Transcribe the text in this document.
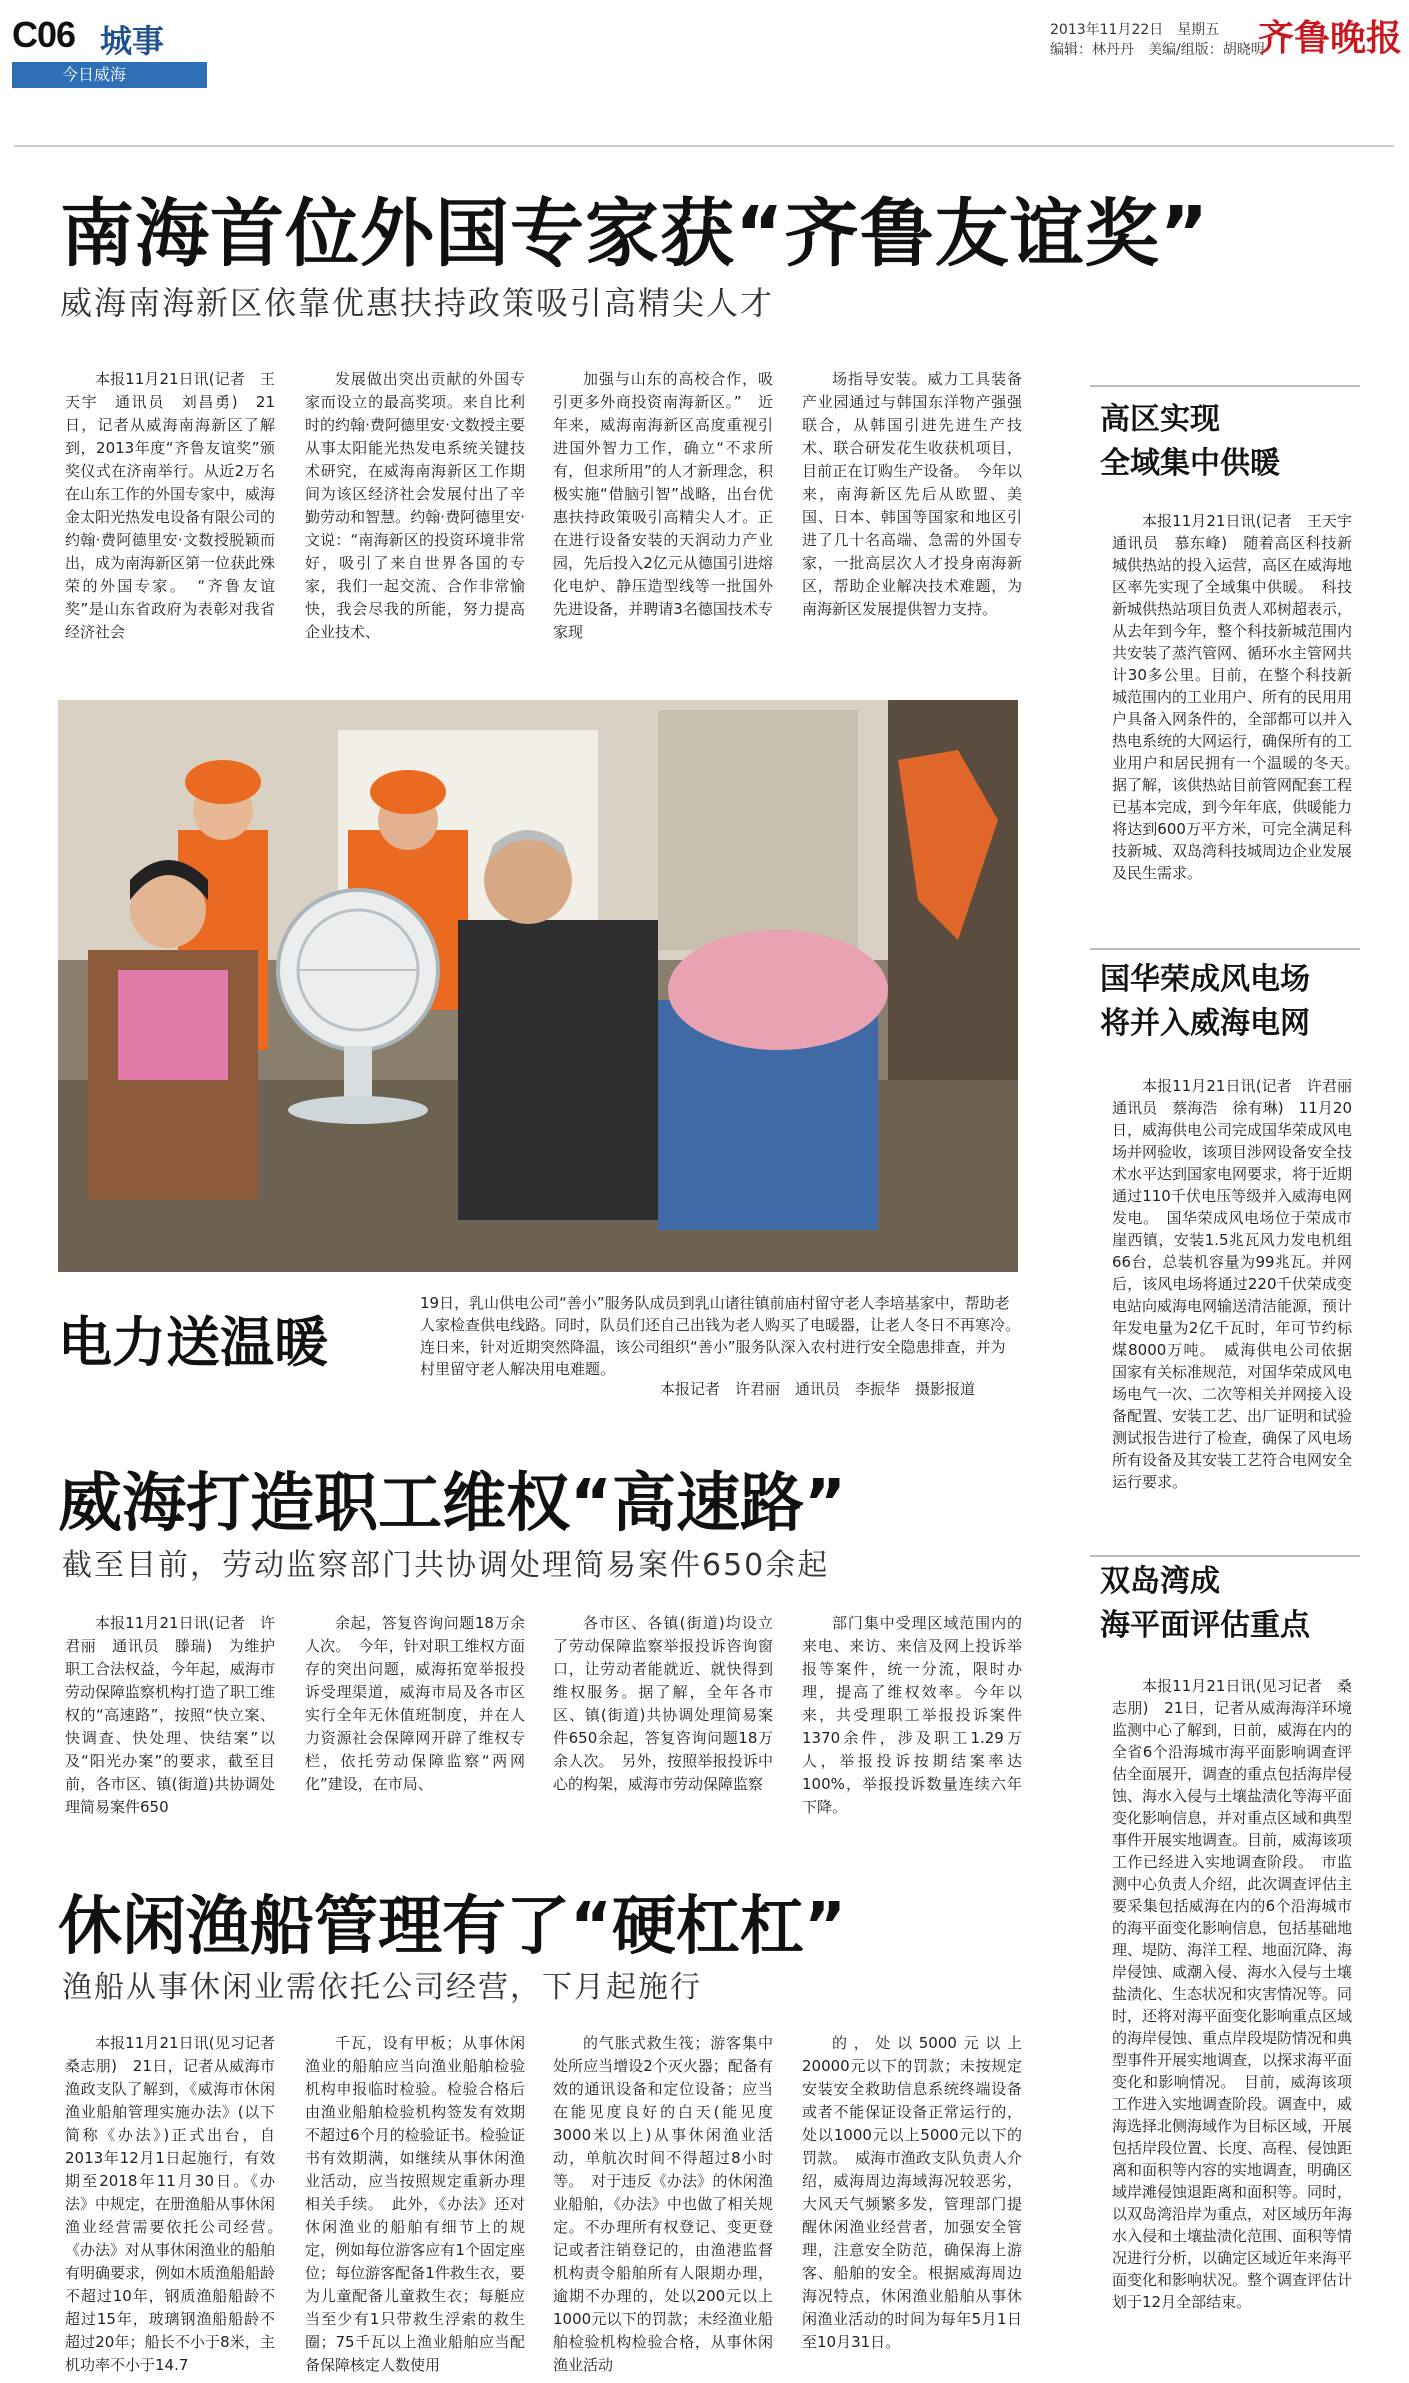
C06 城事
今日威海
2013年11月22日　星期五
编辑：林丹丹　美编/组版：胡晓明
齐鲁晚报
南海首位外国专家获“齐鲁友谊奖”
威海南海新区依靠优惠扶持政策吸引高精尖人才

本报11月21日讯(记者　王天宇　通讯员　刘昌勇)　21日，记者从威海南海新区了解到，2013年度“齐鲁友谊奖”颁奖仪式在济南举行。从近2万名在山东工作的外国专家中，威海金太阳光热发电设备有限公司的约翰·费阿德里安·文数授脱颖而出，成为南海新区第一位获此殊荣的外国专家。　“齐鲁友谊奖”是山东省政府为表彰对我省经济社会

发展做出突出贡献的外国专家而设立的最高奖项。来自比利时的约翰·费阿德里安·文数授主要从事太阳能光热发电系统关键技术研究，在威海南海新区工作期间为该区经济社会发展付出了辛勤劳动和智慧。约翰·费阿德里安·文说：“南海新区的投资环境非常好，吸引了来自世界各国的专家，我们一起交流、合作非常愉快，我会尽我的所能，努力提高企业技术、

加强与山东的高校合作，吸引更多外商投资南海新区。”　近年来，威海南海新区高度重视引进国外智力工作，确立“不求所有，但求所用”的人才新理念，积极实施“借脑引智”战略，出台优惠扶持政策吸引高精尖人才。正在进行设备安装的天润动力产业园，先后投入2亿元从德国引进熔化电炉、静压造型线等一批国外先进设备，并聘请3名德国技术专家现

场指导安装。威力工具装备产业园通过与韩国东洋物产强强联合，从韩国引进先进生产技术、联合研发花生收获机项目，目前正在订购生产设备。　今年以来，南海新区先后从欧盟、美国、日本、韩国等国家和地区引进了几十名高端、急需的外国专家，一批高层次人才投身南海新区，帮助企业解决技术难题，为南海新区发展提供智力支持。

电力送温暖
19日，乳山供电公司“善小”服务队成员到乳山诸往镇前庙村留守老人李培基家中，帮助老人家检查供电线路。同时，队员们还自己出钱为老人购买了电暖器，让老人冬日不再寒冷。连日来，针对近期突然降温，该公司组织“善小”服务队深入农村进行安全隐患排查，并为村里留守老人解决用电难题。
本报记者　许君丽　通讯员　李振华　摄影报道
威海打造职工维权“高速路”
截至目前，劳动监察部门共协调处理简易案件650余起

本报11月21日讯(记者　许君丽　通讯员　滕瑞)　为维护职工合法权益，今年起，威海市劳动保障监察机构打造了职工维权的“高速路”，按照“快立案、快调查、快处理、快结案”以及“阳光办案”的要求，截至目前，各市区、镇(街道)共协调处理简易案件650

余起，答复咨询问题18万余人次。　今年，针对职工维权方面存的突出问题，威海拓宽举报投诉受理渠道，威海市局及各市区实行全年无休值班制度，并在人力资源社会保障网开辟了维权专栏，依托劳动保障监察“两网化”建设，在市局、

各市区、各镇(街道)均设立了劳动保障监察举报投诉咨询窗口，让劳动者能就近、就快得到维权服务。据了解，全年各市区、镇(街道)共协调处理简易案件650余起，答复咨询问题18万余人次。　另外，按照举报投诉中心的构架，威海市劳动保障监察

部门集中受理区域范围内的来电、来访、来信及网上投诉举报等案件，统一分流，限时办理，提高了维权效率。今年以来，共受理职工举报投诉案件1370余件，涉及职工1.29万人，举报投诉按期结案率达100%，举报投诉数量连续六年下降。

休闲渔船管理有了“硬杠杠”
渔船从事休闲业需依托公司经营，下月起施行

本报11月21日讯(见习记者　桑志朋)　21日，记者从威海市渔政支队了解到，《威海市休闲渔业船舶管理实施办法》(以下简称《办法》)正式出台，自2013年12月1日起施行，有效期至2018年11月30日。《办法》中规定，在册渔船从事休闲渔业经营需要依托公司经营。　《办法》对从事休闲渔业的船舶有明确要求，例如木质渔船船龄不超过10年，钢质渔船船龄不超过15年，玻璃钢渔船船龄不超过20年；船长不小于8米，主机功率不小于14.7

千瓦，设有甲板；从事休闲渔业的船舶应当向渔业船舶检验机构申报临时检验。检验合格后由渔业船舶检验机构签发有效期不超过6个月的检验证书。检验证书有效期满，如继续从事休闲渔业活动，应当按照规定重新办理相关手续。　此外，《办法》还对休闲渔业的船舶有细节上的规定，例如每位游客应有1个固定座位；每位游客配备1件救生衣，要为儿童配备儿童救生衣；每艇应当至少有1只带救生浮索的救生圈；75千瓦以上渔业船舶应当配备保障核定人数使用

的气胀式救生筏；游客集中处所应当增设2个灭火器；配备有效的通讯设备和定位设备；应当在能见度良好的白天(能见度3000米以上)从事休闲渔业活动，单航次时间不得超过8小时等。　对于违反《办法》的休闲渔业船舶，《办法》中也做了相关规定。不办理所有权登记、变更登记或者注销登记的，由渔港监督机构责令船舶所有人限期办理，逾期不办理的，处以200元以上1000元以下的罚款；未经渔业船舶检验机构检验合格，从事休闲渔业活动

的，处以5000元以上20000元以下的罚款；未按规定安装安全救助信息系统终端设备或者不能保证设备正常运行的，处以1000元以上5000元以下的罚款。　威海市渔政支队负责人介绍，威海周边海域海况较恶劣，大风天气频繁多发，管理部门提醒休闲渔业经营者，加强安全管理，注意安全防范，确保海上游客、船舶的安全。根据威海周边海况特点，休闲渔业船舶从事休闲渔业活动的时间为每年5月1日至10月31日。

高区实现
全域集中供暖

本报11月21日讯(记者　王天宇　通讯员　慕东峰)　随着高区科技新城供热站的投入运营，高区在威海地区率先实现了全域集中供暖。　科技新城供热站项目负责人邓树超表示，从去年到今年，整个科技新城范围内共安装了蒸汽管网、循环水主管网共计30多公里。目前，在整个科技新城范围内的工业用户、所有的民用用户具备入网条件的，全部都可以并入热电系统的大网运行，确保所有的工业用户和居民拥有一个温暖的冬天。　据了解，该供热站目前管网配套工程已基本完成，到今年年底，供暖能力将达到600万平方米，可完全满足科技新城、双岛湾科技城周边企业发展及民生需求。

国华荣成风电场
将并入威海电网

本报11月21日讯(记者　许君丽　通讯员　蔡海浩　徐有琳)　11月20日，威海供电公司完成国华荣成风电场并网验收，该项目涉网设备安全技术水平达到国家电网要求，将于近期通过110千伏电压等级并入威海电网发电。　国华荣成风电场位于荣成市崖西镇，安装1.5兆瓦风力发电机组66台，总装机容量为99兆瓦。并网后，该风电场将通过220千伏荣成变电站向威海电网输送清洁能源，预计年发电量为2亿千瓦时，年可节约标煤8000万吨。　威海供电公司依据国家有关标准规范，对国华荣成风电场电气一次、二次等相关并网接入设备配置、安装工艺、出厂证明和试验测试报告进行了检查，确保了风电场所有设备及其安装工艺符合电网安全运行要求。

双岛湾成
海平面评估重点

本报11月21日讯(见习记者　桑志朋)　21日，记者从威海海洋环境监测中心了解到，日前，威海在内的全省6个沿海城市海平面影响调查评估全面展开，调查的重点包括海岸侵蚀、海水入侵与土壤盐渍化等海平面变化影响信息，并对重点区域和典型事件开展实地调查。目前，威海该项工作已经进入实地调查阶段。　市监测中心负责人介绍，此次调查评估主要采集包括威海在内的6个沿海城市的海平面变化影响信息，包括基础地理、堤防、海洋工程、地面沉降、海岸侵蚀、咸潮入侵、海水入侵与土壤盐渍化、生态状况和灾害情况等。同时，还将对海平面变化影响重点区域的海岸侵蚀、重点岸段堤防情况和典型事件开展实地调查，以探求海平面变化和影响情况。　目前，威海该项工作进入实地调查阶段。调查中，威海选择北侧海域作为目标区域，开展包括岸段位置、长度、高程、侵蚀距离和面积等内容的实地调查，明确区域岸滩侵蚀退距离和面积等。同时，以双岛湾沿岸为重点，对区域历年海水入侵和土壤盐渍化范围、面积等情况进行分析，以确定区域近年来海平面变化和影响状况。整个调查评估计划于12月全部结束。
